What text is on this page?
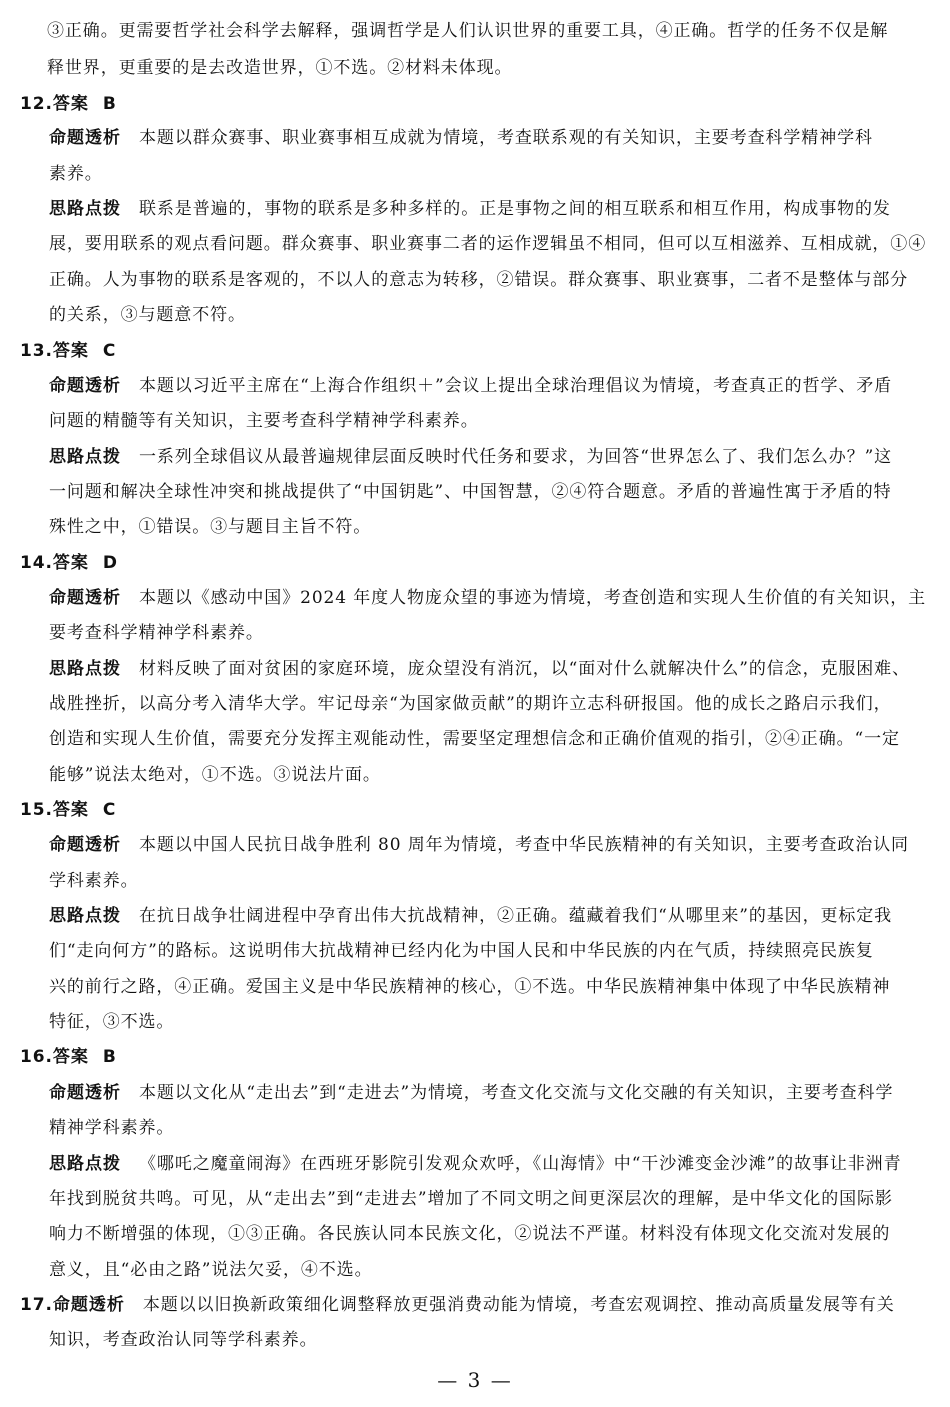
③正确。更需要哲学社会科学去解释，强调哲学是人们认识世界的重要工具，④正确。哲学的任务不仅是解
释世界，更重要的是去改造世界，①不选。②材料未体现。
12.答案 B
命题透析 本题以群众赛事、职业赛事相互成就为情境，考查联系观的有关知识，主要考查科学精神学科
素养。
思路点拨 联系是普遍的，事物的联系是多种多样的。正是事物之间的相互联系和相互作用，构成事物的发
展，要用联系的观点看问题。群众赛事、职业赛事二者的运作逻辑虽不相同，但可以互相滋养、互相成就，①④
正确。人为事物的联系是客观的，不以人的意志为转移，②错误。群众赛事、职业赛事，二者不是整体与部分
的关系，③与题意不符。
13.答案 C
命题透析 本题以习近平主席在“上海合作组织＋”会议上提出全球治理倡议为情境，考查真正的哲学、矛盾
问题的精髓等有关知识，主要考查科学精神学科素养。
思路点拨 一系列全球倡议从最普遍规律层面反映时代任务和要求，为回答“世界怎么了、我们怎么办？”这
一问题和解决全球性冲突和挑战提供了“中国钥匙”、中国智慧，②④符合题意。矛盾的普遍性寓于矛盾的特
殊性之中，①错误。③与题目主旨不符。
14.答案 D
命题透析 本题以《感动中国》2024 年度人物庞众望的事迹为情境，考查创造和实现人生价值的有关知识，主
要考查科学精神学科素养。
思路点拨 材料反映了面对贫困的家庭环境，庞众望没有消沉，以“面对什么就解决什么”的信念，克服困难、
战胜挫折，以高分考入清华大学。牢记母亲“为国家做贡献”的期许立志科研报国。他的成长之路启示我们，
创造和实现人生价值，需要充分发挥主观能动性，需要坚定理想信念和正确价值观的指引，②④正确。“一定
能够”说法太绝对，①不选。③说法片面。
15.答案 C
命题透析 本题以中国人民抗日战争胜利 80 周年为情境，考查中华民族精神的有关知识，主要考查政治认同
学科素养。
思路点拨 在抗日战争壮阔进程中孕育出伟大抗战精神，②正确。蕴藏着我们“从哪里来”的基因，更标定我
们“走向何方”的路标。这说明伟大抗战精神已经内化为中国人民和中华民族的内在气质，持续照亮民族复
兴的前行之路，④正确。爱国主义是中华民族精神的核心，①不选。中华民族精神集中体现了中华民族精神
特征，③不选。
16.答案 B
命题透析 本题以文化从“走出去”到“走进去”为情境，考查文化交流与文化交融的有关知识，主要考查科学
精神学科素养。
思路点拨 《哪吒之魔童闹海》在西班牙影院引发观众欢呼，《山海情》中“干沙滩变金沙滩”的故事让非洲青
年找到脱贫共鸣。可见，从“走出去”到“走进去”增加了不同文明之间更深层次的理解，是中华文化的国际影
响力不断增强的体现，①③正确。各民族认同本民族文化，②说法不严谨。材料没有体现文化交流对发展的
意义，且“必由之路”说法欠妥，④不选。
17.命题透析 本题以以旧换新政策细化调整释放更强消费动能为情境，考查宏观调控、推动高质量发展等有关
知识，考查政治认同等学科素养。
— 3 —
